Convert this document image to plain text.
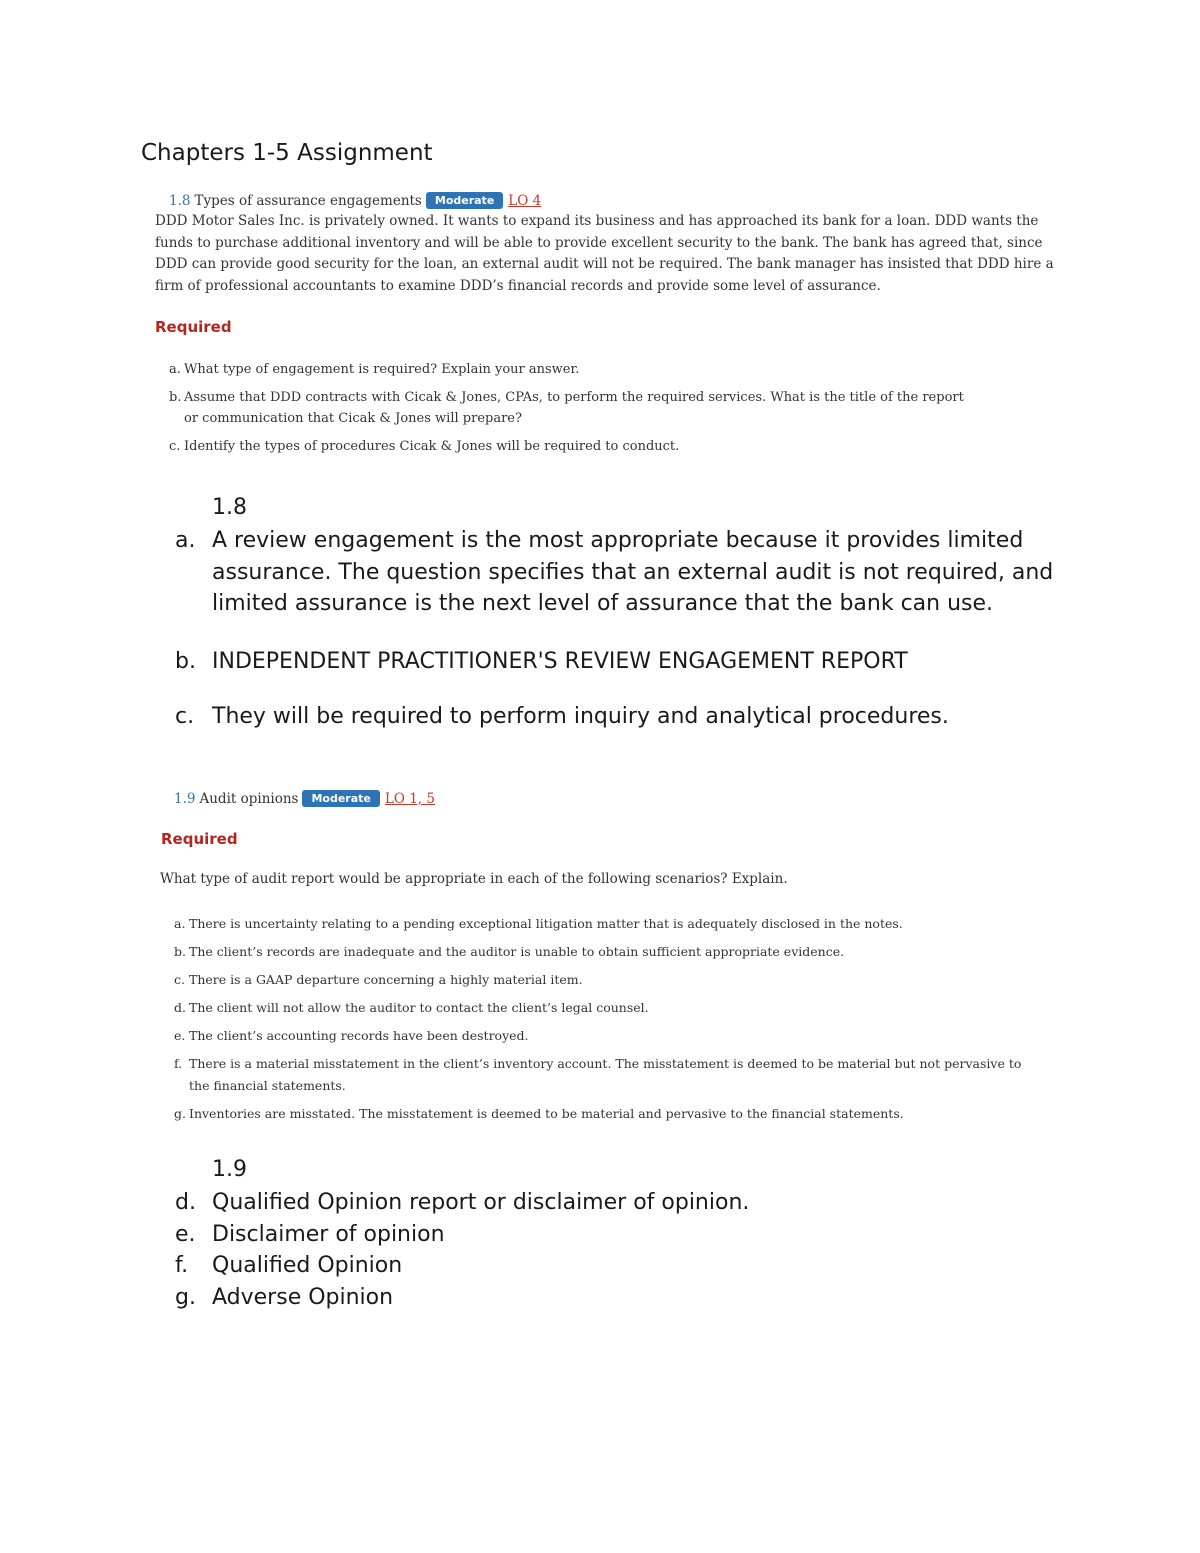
Chapters 1-5 Assignment
1.8 Types of assurance engagements	Moderate	LO 4
DDD Motor Sales Inc. is privately owned. It wants to expand its business and has approached its bank for a loan. DDD wants the funds to purchase additional inventory and will be able to provide excellent security to the bank. The bank has agreed that, since DDD can provide good security for the loan, an external audit will not be required. The bank manager has insisted that DDD hire a firm of professional accountants to examine DDD’s financial records and provide some level of assurance.
Required
a. What type of engagement is required? Explain your answer.
b. Assume that DDD contracts with Cicak & Jones, CPAs, to perform the required services. What is the title of the report or communication that Cicak & Jones will prepare?
c. Identify the types of procedures Cicak & Jones will be required to conduct.
1.8
a. A review engagement is the most appropriate because it provides limited assurance. The question specifies that an external audit is not required, and limited assurance is the next level of assurance that the bank can use.
b. INDEPENDENT PRACTITIONER'S REVIEW ENGAGEMENT REPORT
c. They will be required to perform inquiry and analytical procedures.
1.9 Audit opinions	Moderate	LO 1, 5
Required
What type of audit report would be appropriate in each of the following scenarios? Explain.
a. There is uncertainty relating to a pending exceptional litigation matter that is adequately disclosed in the notes.
b. The client’s records are inadequate and the auditor is unable to obtain sufficient appropriate evidence.
c. There is a GAAP departure concerning a highly material item.
d. The client will not allow the auditor to contact the client’s legal counsel.
e. The client’s accounting records have been destroyed.
f. There is a material misstatement in the client’s inventory account. The misstatement is deemed to be material but not pervasive to the financial statements.
g. Inventories are misstated. The misstatement is deemed to be material and pervasive to the financial statements.
1.9
d. Qualified Opinion report or disclaimer of opinion.
e. Disclaimer of opinion
f.	Qualified Opinion
g. Adverse Opinion
